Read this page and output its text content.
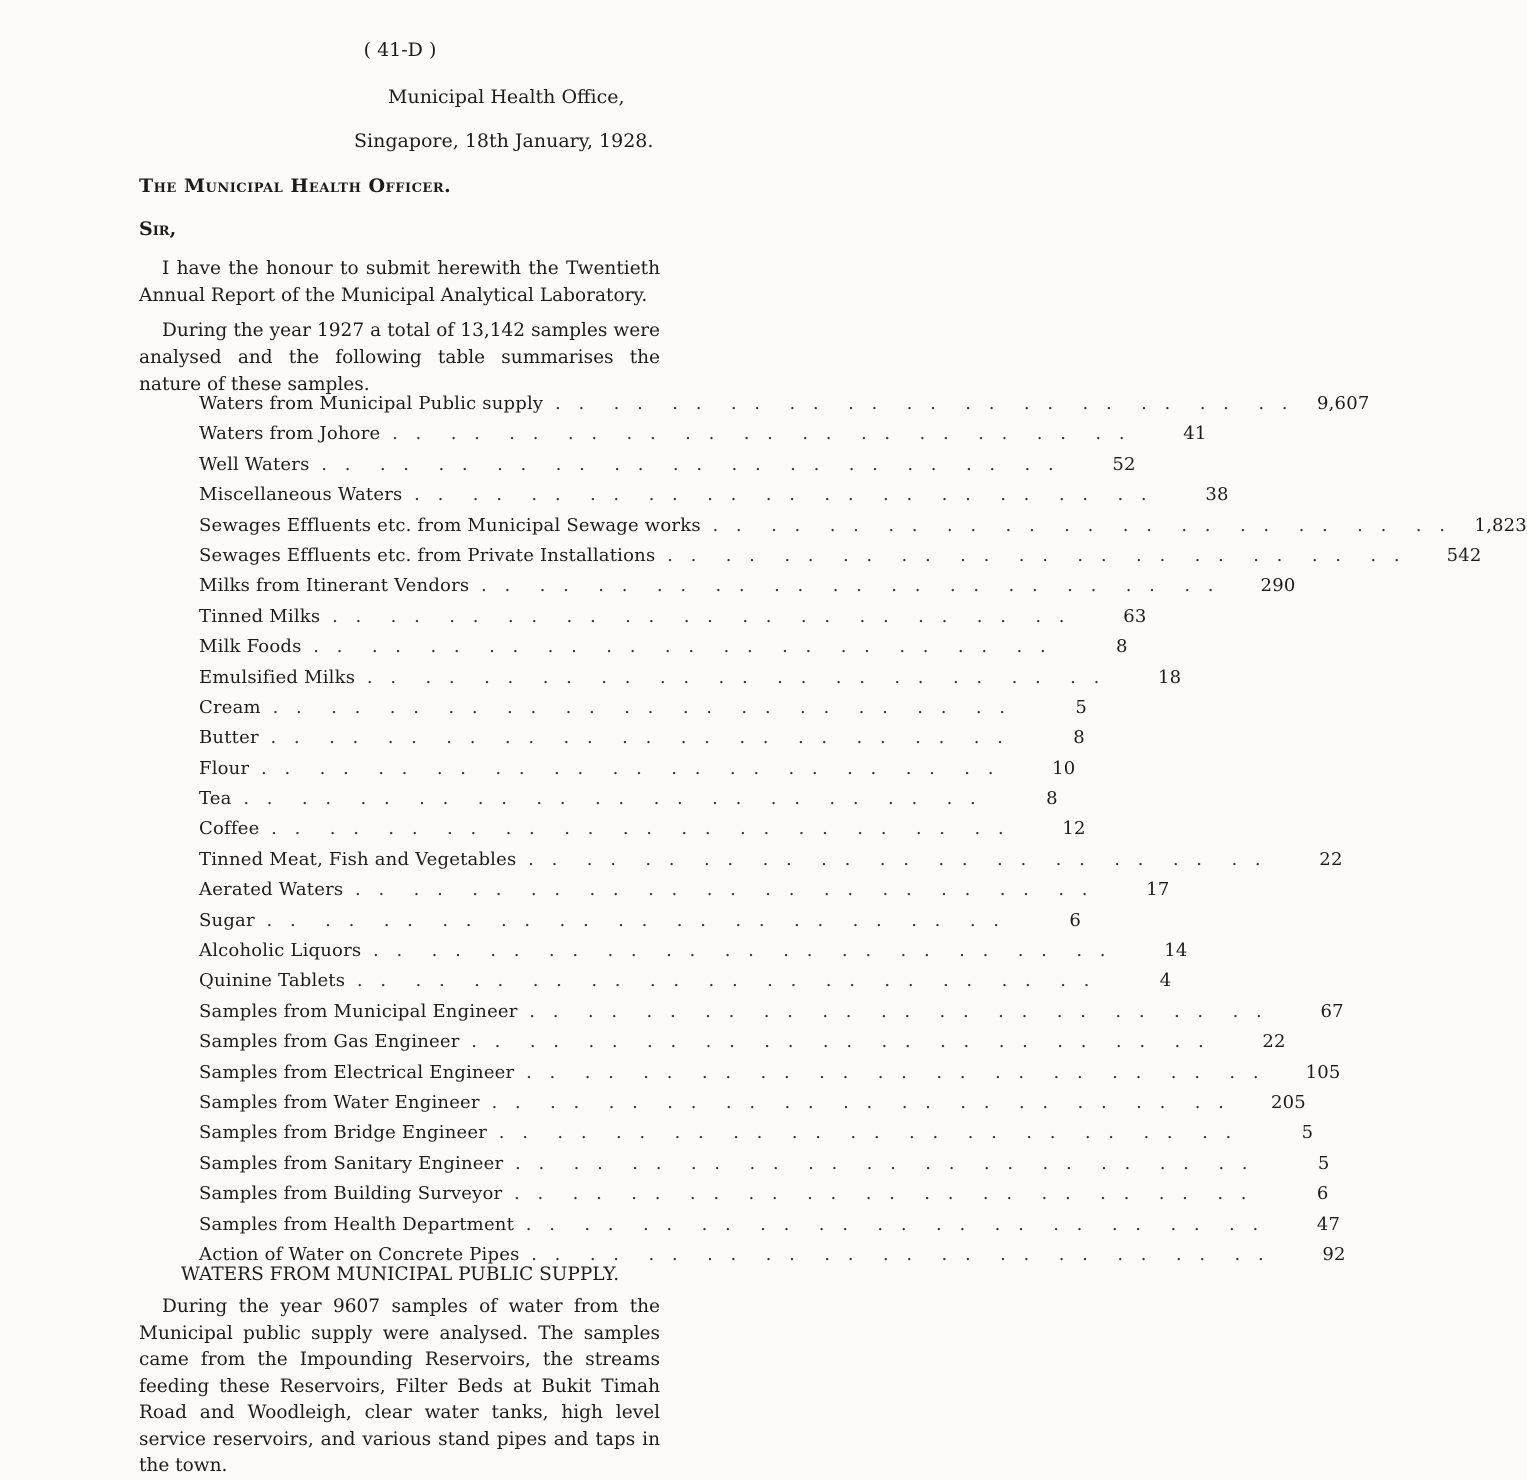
( 41-D )
Municipal Health Office,
Singapore, 18th January, 1928.
The Municipal Health Officer.
Sir,
I have the honour to submit herewith the Twentieth Annual Report of the Municipal Analytical Laboratory.
During the year 1927 a total of 13,142 samples were analysed and the following table summarises the nature of these samples.
Waters from Municipal Public supply . .	9,607
Waters from Johore . .	41
Well Waters . .	52
Miscellaneous Waters . .	38
Sewages Effluents etc. from Municipal Sewage works . .	1,823
Sewages Effluents etc. from Private Installations . .	542
Milks from Itinerant Vendors . .	290
Tinned Milks . .	63
Milk Foods . .	8
Emulsified Milks . .	18
Cream . .	5
Butter . .	8
Flour . .	10
Tea . .	8
Coffee . .	12
Tinned Meat, Fish and Vegetables . .	22
Aerated Waters . .	17
Sugar . .	6
Alcoholic Liquors . .	14
Quinine Tablets . .	4
Samples from Municipal Engineer . .	67
Samples from Gas Engineer . .	22
Samples from Electrical Engineer . .	105
Samples from Water Engineer . .	205
Samples from Bridge Engineer . .	5
Samples from Sanitary Engineer . .	5
Samples from Building Surveyor . .	6
Samples from Health Department . .	47
Action of Water on Concrete Pipes . .	92
WATERS FROM MUNICIPAL PUBLIC SUPPLY.
During the year 9607 samples of water from the Municipal public supply were analysed. The samples came from the Impounding Reservoirs, the streams feeding these Reservoirs, Filter Beds at Bukit Timah Road and Woodleigh, clear water tanks, high level service reservoirs, and various stand pipes and taps in the town.
